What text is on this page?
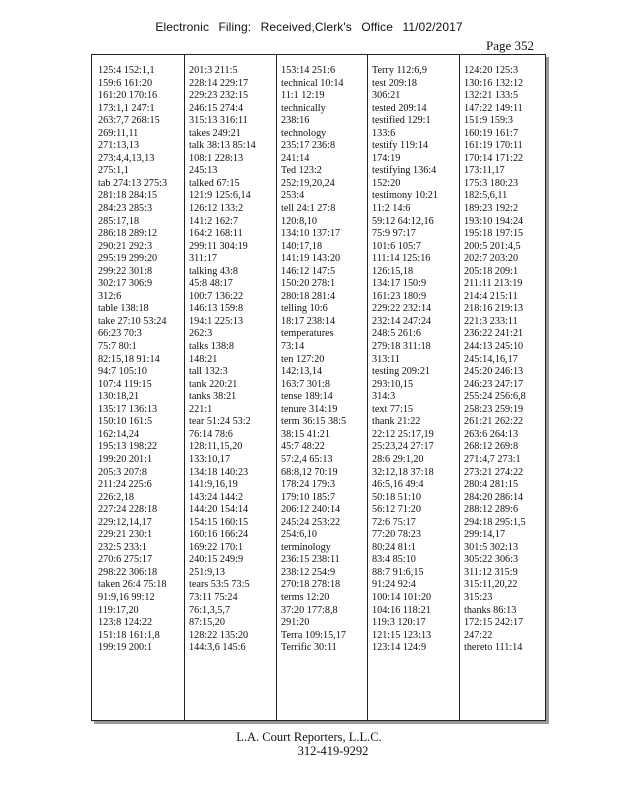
Electronic Filing: Received,Clerk's Office 11/02/2017
Page 352
125:4 152:1,1
159:6 161:20
161:20 170:16
173:1,1 247:1
263:7,7 268:15
269:11,11
271:13,13
273:4,4,13,13
275:1,1
tab 274:13 275:3
281:18 284:15
284:23 285:3
285:17,18
286:18 289:12
290:21 292:3
295:19 299:20
299:22 301:8
302:17 306:9
312:6
table 138:18
take 27:10 53:24
66:23 70:3
75:7 80:1
82:15,18 91:14
94:7 105:10
107:4 119:15
130:18,21
135:17 136:13
150:10 161:5
162:14,24
195:13 198:22
199:20 201:1
205:3 207:8
211:24 225:6
226:2,18
227:24 228:18
229:12,14,17
229:21 230:1
232:5 233:1
270:6 275:17
298:22 306:18
taken 26:4 75:18
91:9,16 99:12
119:17,20
123:8 124:22
151:18 161:1,8
199:19 200:1
201:3 211:5
228:14 229:17
229:23 232:15
246:15 274:4
315:13 316:11
takes 249:21
talk 38:13 85:14
108:1 228:13
245:13
talked 67:15
121:9 125:6,14
126:12 133:2
141:2 162:7
164:2 168:11
299:11 304:19
311:17
talking 43:8
45:8 48:17
100:7 136:22
146:13 159:8
194:1 225:13
262:3
talks 138:8
148:21
tall 132:3
tank 220:21
tanks 38:21
221:1
tear 51:24 53:2
76:14 78:6
128:11,15,20
133:10,17
134:18 140:23
141:9,16,19
143:24 144:2
144:20 154:14
154:15 160:15
160:16 166:24
169:22 170:1
240:15 249:9
251:9,13
tears 53:5 73:5
73:11 75:24
76:1,3,5,7
87:15,20
128:22 135:20
144:3,6 145:6
153:14 251:6
technical 10:14
11:1 12:19
technically
238:16
technology
235:17 236:8
241:14
Ted 123:2
252:19,20,24
253:4
tell 24:1 27:8
120:8,10
134:10 137:17
140:17,18
141:19 143:20
146:12 147:5
150:20 278:1
280:18 281:4
telling 10:6
18:17 238:14
temperatures
73:14
ten 127:20
142:13,14
163:7 301:8
tense 189:14
tenure 314:19
term 36:15 38:5
38:15 41:21
45:7 48:22
57:2,4 65:13
68:8,12 70:19
178:24 179:3
179:10 185:7
206:12 240:14
245:24 253:22
254:6,10
terminology
236:15 238:11
238:12 254:9
270:18 278:18
terms 12:20
37:20 177:8,8
291:20
Terra 109:15,17
Terrific 30:11
Terry 112:6,9
test 209:18
306:21
tested 209:14
testified 129:1
133:6
testify 119:14
174:19
testifying 136:4
152:20
testimony 10:21
11:2 14:6
59:12 64:12,16
75:9 97:17
101:6 105:7
111:14 125:16
126:15,18
134:17 150:9
161:23 180:9
229:22 232:14
232:14 247:24
248:5 261:6
279:18 311:18
313:11
testing 209:21
293:10,15
314:3
text 77:15
thank 21:22
22:12 25:17,19
25:23,24 27:17
28:6 29:1,20
32:12,18 37:18
46:5,16 49:4
50:18 51:10
56:12 71:20
72:6 75:17
77:20 78:23
80:24 81:1
83:4 85:10
88:7 91:6,15
91:24 92:4
100:14 101:20
104:16 118:21
119:3 120:17
121:15 123:13
123:14 124:9
124:20 125:3
130:16 132:12
132:21 133:5
147:22 149:11
151:9 159:3
160:19 161:7
161:19 170:11
170:14 171:22
173:11,17
175:3 180:23
182:5,6,11
189:23 192:2
193:10 194:24
195:18 197:15
200:5 201:4,5
202:7 203:20
205:18 209:1
211:11 213:19
214:4 215:11
218:16 219:13
221:3 233:11
236:22 241:21
244:13 245:10
245:14,16,17
245:20 246:13
246:23 247:17
255:24 256:6,8
258:23 259:19
261:21 262:22
263:6 264:13
268:12 269:8
271:4,7 273:1
273:21 274:22
280:4 281:15
284:20 286:14
288:12 289:6
294:18 295:1,5
299:14,17
301:5 302:13
305:22 306:3
311:12 315:9
315:11,20,22
315:23
thanks 86:13
172:15 242:17
247:22
thereto 111:14
L.A. Court Reporters, L.L.C.
312-419-9292
